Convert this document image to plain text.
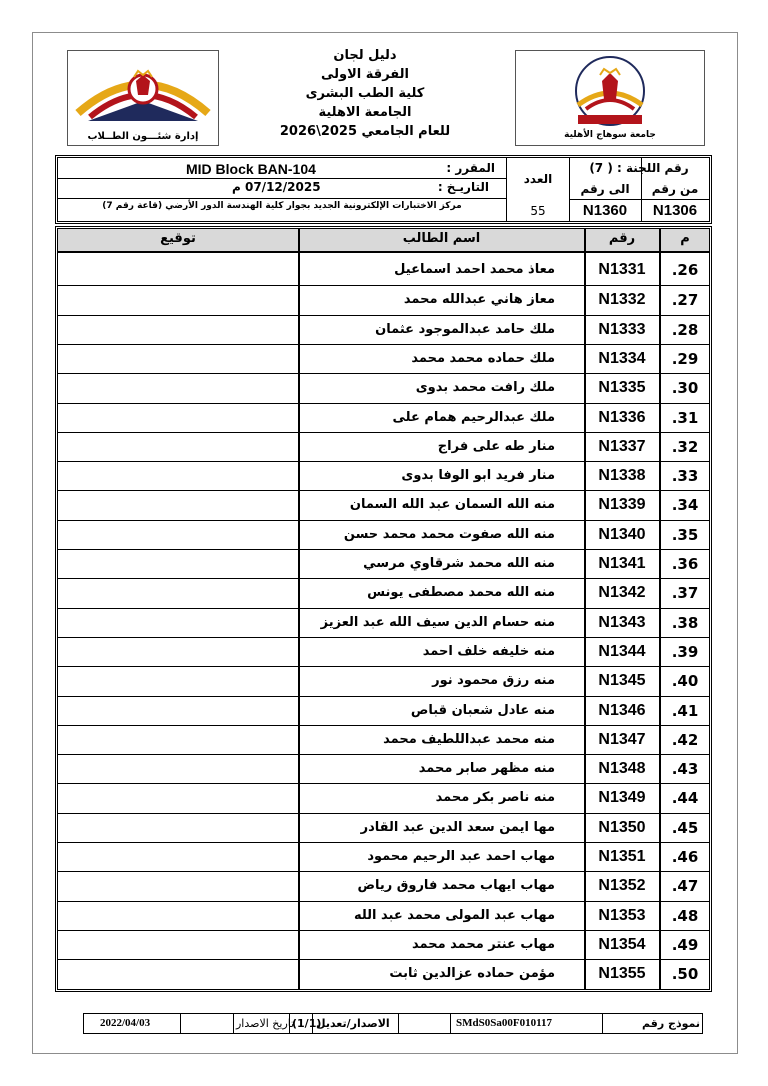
إدارة شئـــون الطــلاب	جامعة سوهاج الأهلية
دليل لجان
الفرقة الاولى
كلية الطب البشرى
الجامعة الاهلية
للعام الجامعي 2025\2026
المقرر :
MID Block BAN-104
التاريـخ :
07/12/2025 م
مركز الاختبارات الإلكترونية الجديد بجوار كلية الهندسة الدور الأرضي (قاعة رقم 7)
العدد
55
رقم اللجنة : ( 7)
من رقم
الى رقم
N1306
N1360
م
رقم
اسم الطالب
توقيع
.26
N1331
معاذ محمد احمد اسماعيل
.27
N1332
معاز هاني عبدالله محمد
.28
N1333
ملك حامد عبدالموجود عثمان
.29
N1334
ملك حماده محمد محمد
.30
N1335
ملك رافت محمد بدوى
.31
N1336
ملك عبدالرحيم همام على
.32
N1337
منار طه على فراج
.33
N1338
منار فريد ابو الوفا بدوى
.34
N1339
منه الله السمان عبد الله السمان
.35
N1340
منه الله صفوت محمد محمد حسن
.36
N1341
منه الله محمد شرقاوي مرسي
.37
N1342
منه الله محمد مصطفى يونس
.38
N1343
منه حسام الدين سيف الله عبد العزيز
.39
N1344
منه خليفه خلف احمد
.40
N1345
منه رزق محمود نور
.41
N1346
منه عادل شعبان قباص
.42
N1347
منه محمد عبداللطيف محمد
.43
N1348
منه مظهر صابر محمد
.44
N1349
منه ناصر بكر محمد
.45
N1350
مها ايمن سعد الدين عبد القادر
.46
N1351
مهاب احمد عبد الرحيم محمود
.47
N1352
مهاب ايهاب محمد فاروق رياض
.48
N1353
مهاب عبد المولى محمد عبد الله
.49
N1354
مهاب عنتر محمد محمد
.50
N1355
مؤمن حماده عزالدين ثابت
نموذج رقم
SMdS0Sa00F010117
الاصدار/تعديل
(1/1)
تاريخ الاصدار
2022/04/03
